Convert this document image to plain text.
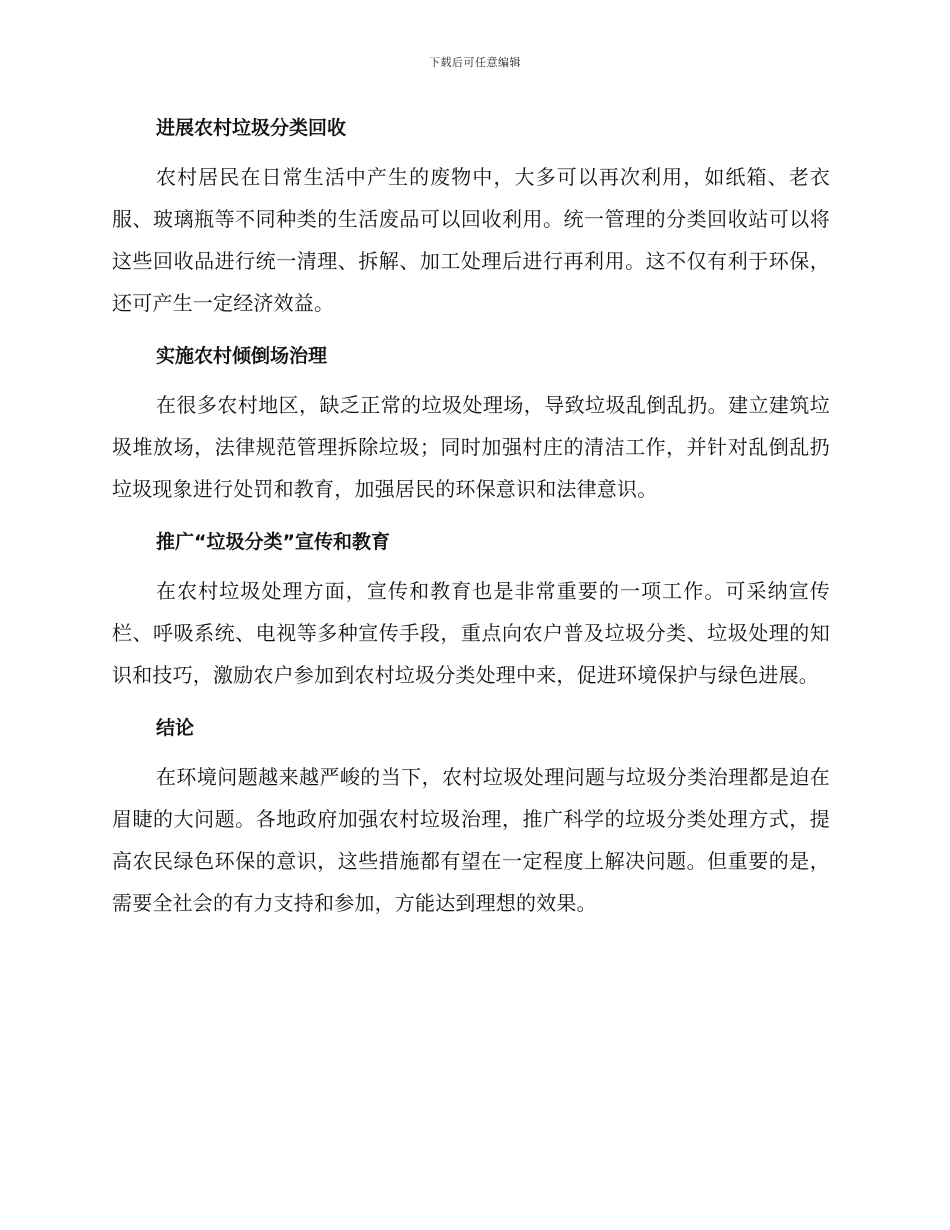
下载后可任意编辑
进展农村垃圾分类回收

农村居民在日常生活中产生的废物中，大多可以再次利用，如纸箱、老衣服、玻璃瓶等不同种类的生活废品可以回收利用。统一管理的分类回收站可以将这些回收品进行统一清理、拆解、加工处理后进行再利用。这不仅有利于环保，还可产生一定经济效益。

实施农村倾倒场治理

在很多农村地区，缺乏正常的垃圾处理场，导致垃圾乱倒乱扔。建立建筑垃圾堆放场，法律规范管理拆除垃圾；同时加强村庄的清洁工作，并针对乱倒乱扔垃圾现象进行处罚和教育，加强居民的环保意识和法律意识。

推广“垃圾分类”宣传和教育

在农村垃圾处理方面，宣传和教育也是非常重要的一项工作。可采纳宣传栏、呼吸系统、电视等多种宣传手段，重点向农户普及垃圾分类、垃圾处理的知识和技巧，激励农户参加到农村垃圾分类处理中来，促进环境保护与绿色进展。

结论

在环境问题越来越严峻的当下，农村垃圾处理问题与垃圾分类治理都是迫在眉睫的大问题。各地政府加强农村垃圾治理，推广科学的垃圾分类处理方式，提高农民绿色环保的意识，这些措施都有望在一定程度上解决问题。但重要的是，需要全社会的有力支持和参加，方能达到理想的效果。
